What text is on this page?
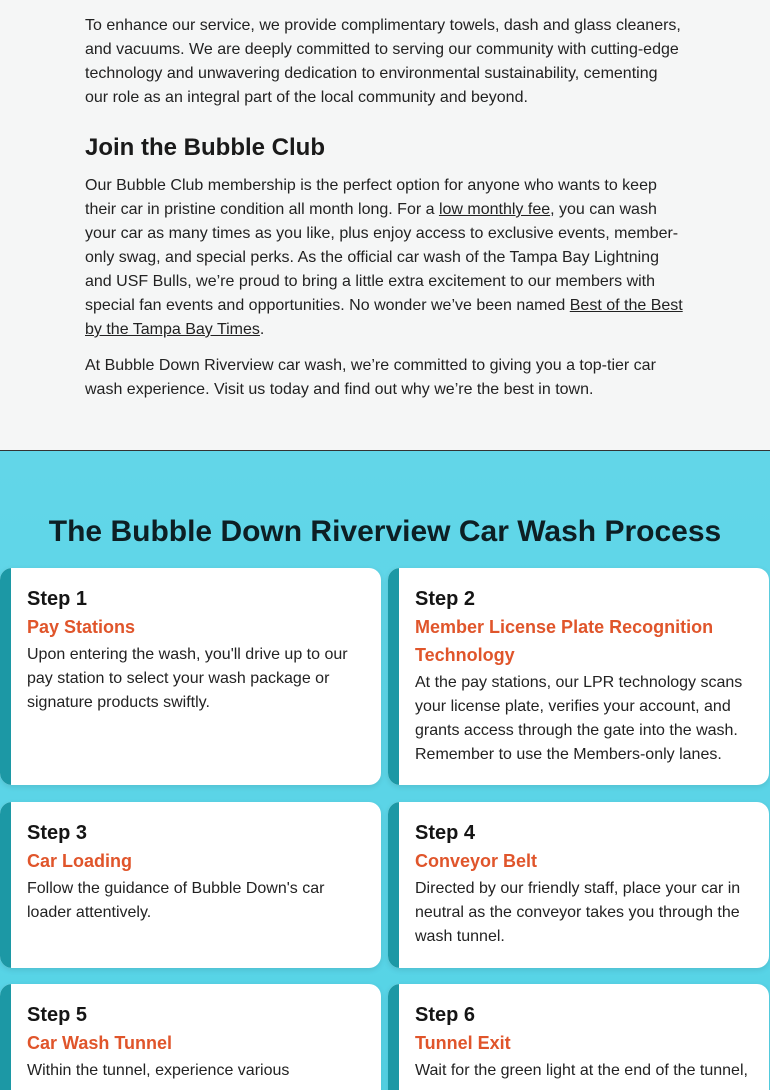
To enhance our service, we provide complimentary towels, dash and glass cleaners, and vacuums. We are deeply committed to serving our community with cutting-edge technology and unwavering dedication to environmental sustainability, cementing our role as an integral part of the local community and beyond.

Join the Bubble Club

Our Bubble Club membership is the perfect option for anyone who wants to keep their car in pristine condition all month long. For a low monthly fee, you can wash your car as many times as you like, plus enjoy access to exclusive events, member-only swag, and special perks. As the official car wash of the Tampa Bay Lightning and USF Bulls, we’re proud to bring a little extra excitement to our members with special fan events and opportunities. No wonder we’ve been named Best of the Best by the Tampa Bay Times.

At Bubble Down Riverview car wash, we’re committed to giving you a top-tier car wash experience. Visit us today and find out why we’re the best in town.

The Bubble Down Riverview Car Wash Process
Step 1
Pay Stations
Upon entering the wash, you'll drive up to our pay station to select your wash package or signature products swiftly.
Step 2
Member License Plate Recognition Technology
At the pay stations, our LPR technology scans your license plate, verifies your account, and grants access through the gate into the wash. Remember to use the Members-only lanes.
Step 3
Car Loading
Follow the guidance of Bubble Down's car loader attentively.
Step 4
Conveyor Belt
Directed by our friendly staff, place your car in neutral as the conveyor takes you through the wash tunnel.
Step 5
Car Wash Tunnel
Within the tunnel, experience various
Step 6
Tunnel Exit
Wait for the green light at the end of the tunnel,
